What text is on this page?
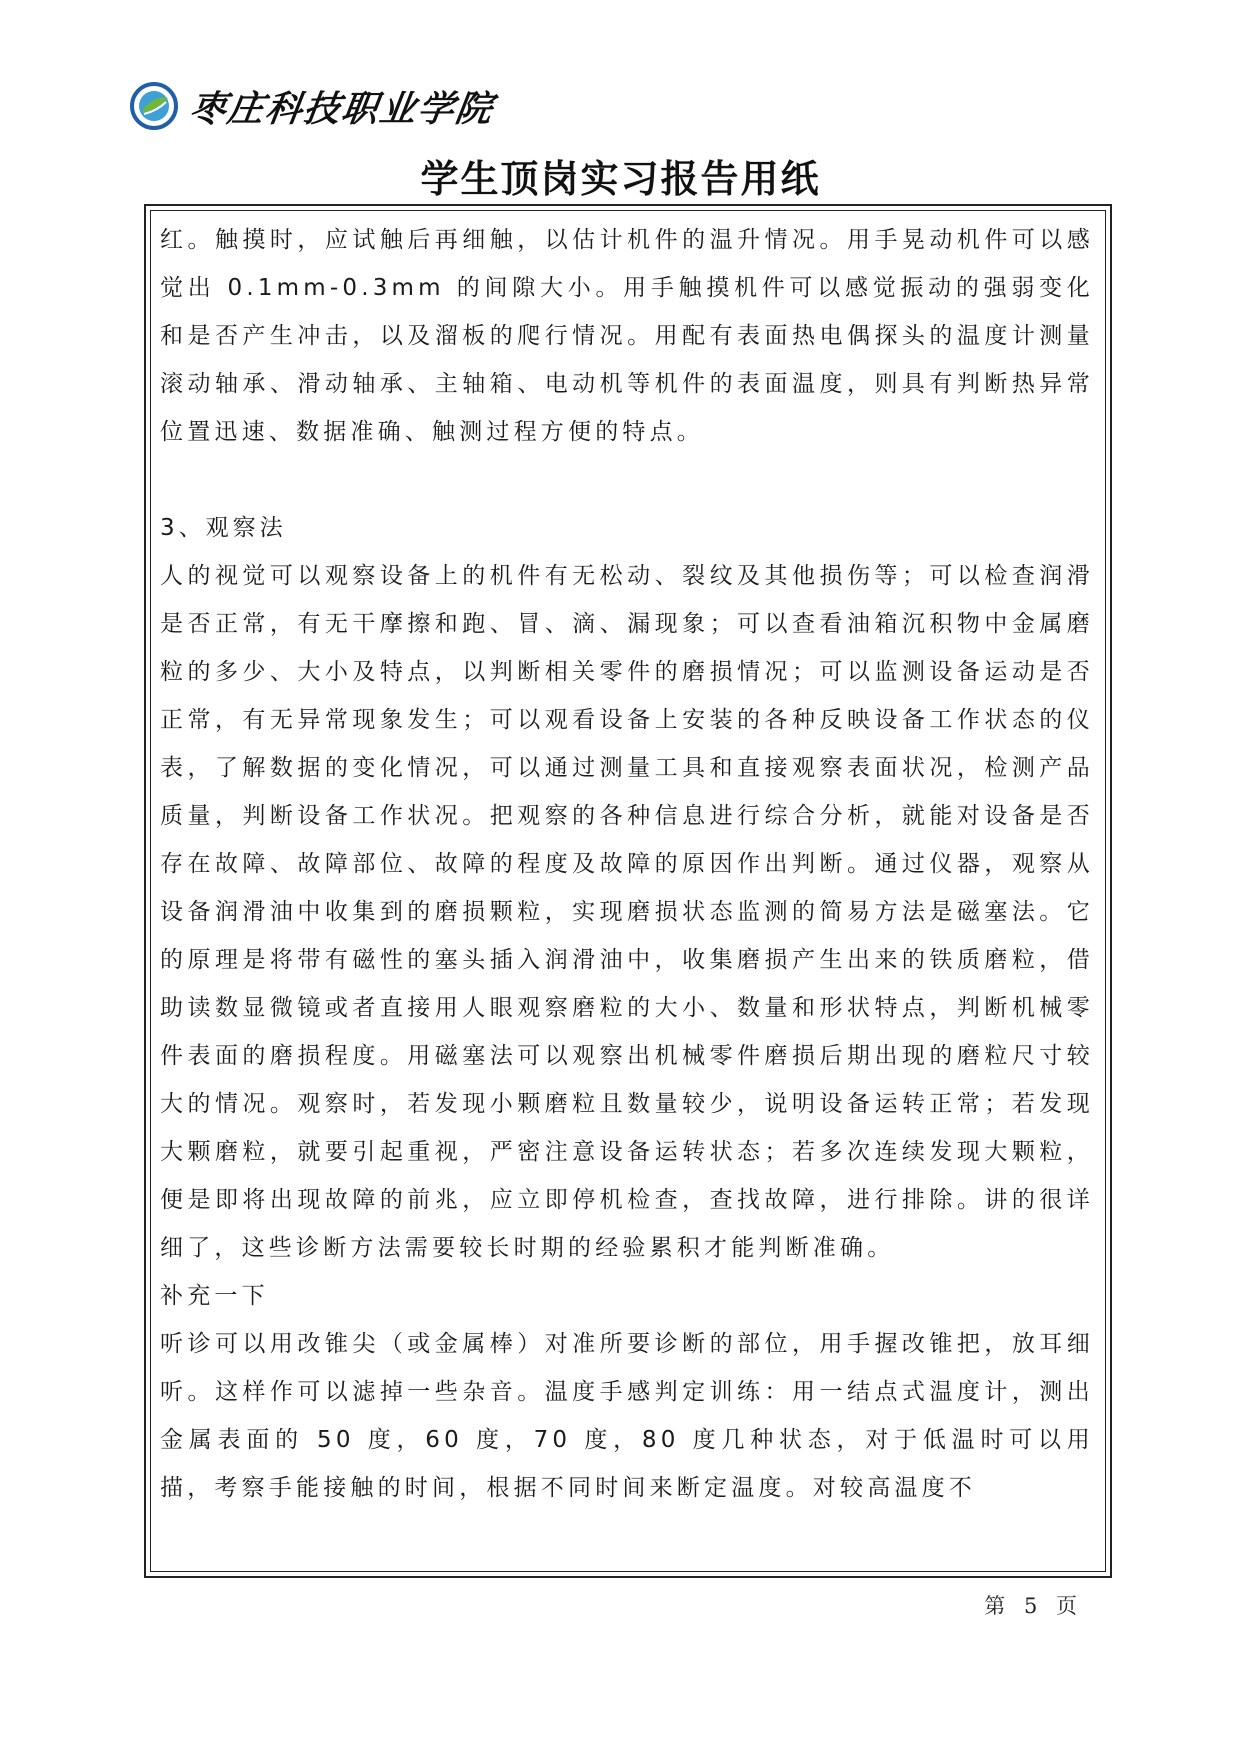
枣庄科技职业学院
学生顶岗实习报告用纸

红。触摸时，应试触后再细触，以估计机件的温升情况。用手晃动机件可以感觉出 0.1mm-0.3mm 的间隙大小。用手触摸机件可以感觉振动的强弱变化和是否产生冲击，以及溜板的爬行情况。用配有表面热电偶探头的温度计测量滚动轴承、滑动轴承、主轴箱、电动机等机件的表面温度，则具有判断热异常位置迅速、数据准确、触测过程方便的特点。

3、观察法

人的视觉可以观察设备上的机件有无松动、裂纹及其他损伤等；可以检查润滑是否正常，有无干摩擦和跑、冒、滴、漏现象；可以查看油箱沉积物中金属磨粒的多少、大小及特点，以判断相关零件的磨损情况；可以监测设备运动是否正常，有无异常现象发生；可以观看设备上安装的各种反映设备工作状态的仪表，了解数据的变化情况，可以通过测量工具和直接观察表面状况，检测产品质量，判断设备工作状况。把观察的各种信息进行综合分析，就能对设备是否存在故障、故障部位、故障的程度及故障的原因作出判断。通过仪器，观察从设备润滑油中收集到的磨损颗粒，实现磨损状态监测的简易方法是磁塞法。它的原理是将带有磁性的塞头插入润滑油中，收集磨损产生出来的铁质磨粒，借助读数显微镜或者直接用人眼观察磨粒的大小、数量和形状特点，判断机械零件表面的磨损程度。用磁塞法可以观察出机械零件磨损后期出现的磨粒尺寸较大的情况。观察时，若发现小颗磨粒且数量较少，说明设备运转正常；若发现大颗磨粒，就要引起重视，严密注意设备运转状态；若多次连续发现大颗粒，便是即将出现故障的前兆，应立即停机检查，查找故障，进行排除。讲的很详细了，这些诊断方法需要较长时期的经验累积才能判断准确。

补充一下

听诊可以用改锥尖（或金属棒）对准所要诊断的部位，用手握改锥把，放耳细听。这样作可以滤掉一些杂音。温度手感判定训练：用一结点式温度计，测出金属表面的 50 度，60 度，70 度，80 度几种状态，对于低温时可以用描，考察手能接触的时间，根据不同时间来断定温度。对较高温度不

第 5 页
